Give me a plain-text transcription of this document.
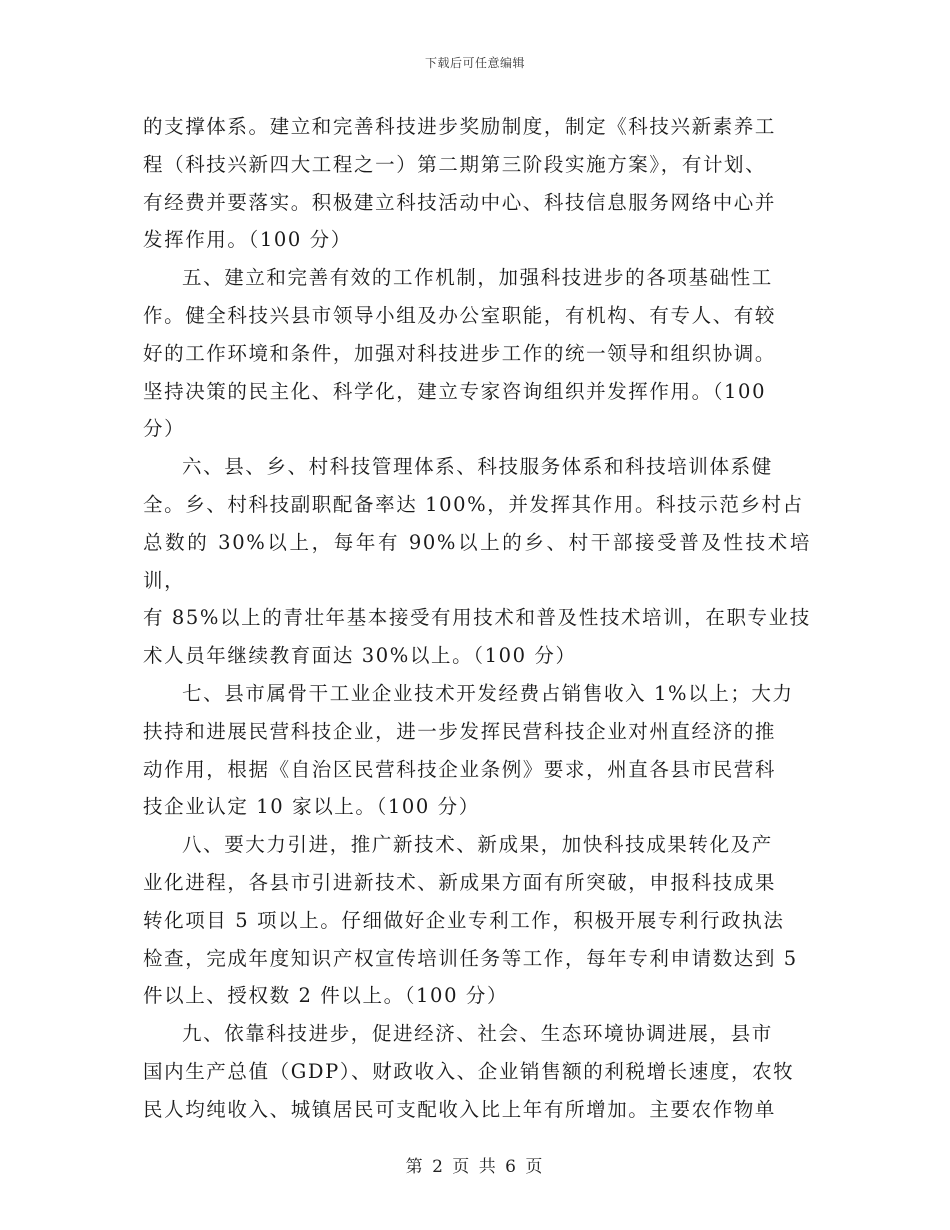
下载后可任意编辑

的支撑体系。建立和完善科技进步奖励制度，制定《科技兴新素养工
程（科技兴新四大工程之一）第二期第三阶段实施方案》，有计划、
有经费并要落实。积极建立科技活动中心、科技信息服务网络中心并
发挥作用。（100 分）

五、建立和完善有效的工作机制，加强科技进步的各项基础性工
作。健全科技兴县市领导小组及办公室职能，有机构、有专人、有较
好的工作环境和条件，加强对科技进步工作的统一领导和组织协调。
坚持决策的民主化、科学化，建立专家咨询组织并发挥作用。（100
分）

六、县、乡、村科技管理体系、科技服务体系和科技培训体系健
全。乡、村科技副职配备率达 100%，并发挥其作用。科技示范乡村占
总数的 30%以上，每年有 90%以上的乡、村干部接受普及性技术培训，
有 85%以上的青壮年基本接受有用技术和普及性技术培训，在职专业技
术人员年继续教育面达 30%以上。（100 分）

七、县市属骨干工业企业技术开发经费占销售收入 1%以上；大力
扶持和进展民营科技企业，进一步发挥民营科技企业对州直经济的推
动作用，根据《自治区民营科技企业条例》要求，州直各县市民营科
技企业认定 10 家以上。（100 分）

八、要大力引进，推广新技术、新成果，加快科技成果转化及产
业化进程，各县市引进新技术、新成果方面有所突破，申报科技成果
转化项目 5 项以上。仔细做好企业专利工作，积极开展专利行政执法
检查，完成年度知识产权宣传培训任务等工作，每年专利申请数达到 5
件以上、授权数 2 件以上。（100 分）

九、依靠科技进步，促进经济、社会、生态环境协调进展，县市
国内生产总值（GDP）、财政收入、企业销售额的利税增长速度，农牧
民人均纯收入、城镇居民可支配收入比上年有所增加。主要农作物单

第 2 页 共 6 页
